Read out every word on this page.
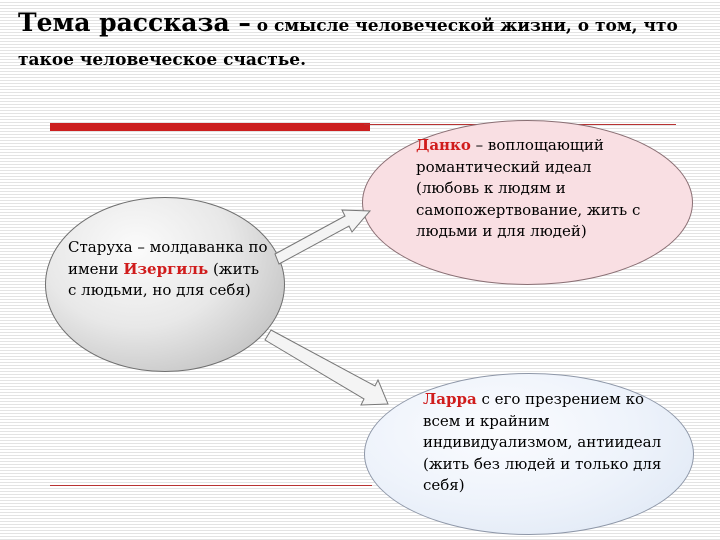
Тема рассказа – о смысле человеческой жизни, о том, что такое человеческое счастье.

Старуха – молдаванка по имени Изергиль (жить с людьми, но для себя)

Данко – воплощающий романтический идеал (любовь к людям и самопожертвование, жить с людьми и для людей)

Ларра с его презрением ко всем и крайним индивидуализмом, антиидеал (жить без людей и только для себя)
